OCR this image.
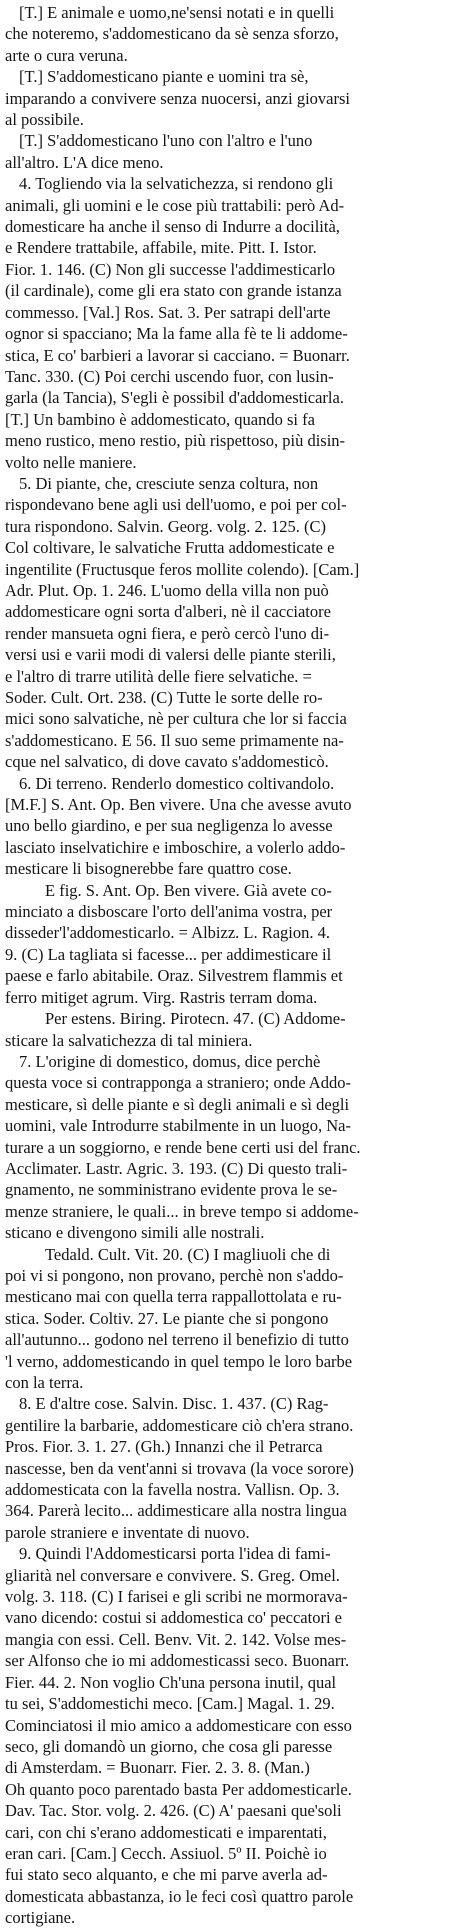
[T.] E animale e uomo,ne'sensi notati e in quelli
che noteremo, s'addomesticano da sè senza sforzo,
arte o cura veruna.
[T.] S'addomesticano piante e uomini tra sè,
imparando a convivere senza nuocersi, anzi giovarsi
al possibile.
[T.] S'addomesticano l'uno con l'altro e l'uno
all'altro. L'A dice meno.
4. Togliendo via la selvatichezza, si rendono gli
animali, gli uomini e le cose più trattabili: però Ad-
domesticare ha anche il senso di Indurre a docilità,
e Rendere trattabile, affabile, mite. Pitt. I. Istor.
Fior. 1. 146. (C) Non gli successe l'addimesticarlo
(il cardinale), come gli era stato con grande istanza
commesso. [Val.] Ros. Sat. 3. Per satrapi dell'arte
ognor si spacciano; Ma la fame alla fè te li addome-
stica, E co' barbieri a lavorar si cacciano. = Buonarr.
Tanc. 330. (C) Poi cerchi uscendo fuor, con lusin-
garla (la Tancia), S'egli è possibil d'addomesticarla.
[T.] Un bambino è addomesticato, quando si fa
meno rustico, meno restio, più rispettoso, più disin-
volto nelle maniere.
5. Di piante, che, cresciute senza coltura, non
rispondevano bene agli usi dell'uomo, e poi per col-
tura rispondono. Salvin. Georg. volg. 2. 125. (C)
Col coltivare, le salvatiche Frutta addomesticate e
ingentilite (Fructusque feros mollite colendo). [Cam.]
Adr. Plut. Op. 1. 246. L'uomo della villa non può
addomesticare ogni sorta d'alberi, nè il cacciatore
render mansueta ogni fiera, e però cercò l'uno di-
versi usi e varii modi di valersi delle piante sterili,
e l'altro di trarre utilità delle fiere selvatiche. =
Soder. Cult. Ort. 238. (C) Tutte le sorte delle ro-
mici sono salvatiche, nè per cultura che lor si faccia
s'addomesticano. E 56. Il suo seme primamente na-
cque nel salvatico, di dove cavato s'addomesticò.
6. Di terreno. Renderlo domestico coltivandolo.
[M.F.] S. Ant. Op. Ben vivere. Una che avesse avuto
uno bello giardino, e per sua negligenza lo avesse
lasciato inselvatichire e imboschire, a volerlo addo-
mesticare li bisognerebbe fare quattro cose.
E fig. S. Ant. Op. Ben vivere. Già avete co-
minciato a disboscare l'orto dell'anima vostra, per
disseder'l'addomesticarlo. = Albizz. L. Ragion. 4.
9. (C) La tagliata si facesse... per addimesticare il
paese e farlo abitabile. Oraz. Silvestrem flammis et
ferro mitiget agrum. Virg. Rastris terram doma.
Per estens. Biring. Pirotecn. 47. (C) Addome-
sticare la salvatichezza di tal miniera.
7. L'origine di domestico, domus, dice perchè
questa voce si contrapponga a straniero; onde Addo-
mesticare, sì delle piante e sì degli animali e sì degli
uomini, vale Introdurre stabilmente in un luogo, Na-
turare a un soggiorno, e rende bene certi usi del franc.
Acclimater. Lastr. Agric. 3. 193. (C) Di questo trali-
gnamento, ne somministrano evidente prova le se-
menze straniere, le quali... in breve tempo si addome-
sticano e divengono simili alle nostrali.
Tedald. Cult. Vit. 20. (C) I magliuoli che di
poi vi si pongono, non provano, perchè non s'addo-
mesticano mai con quella terra rappallottolata e ru-
stica. Soder. Coltiv. 27. Le piante che si pongono
all'autunno... godono nel terreno il benefizio di tutto
'l verno, addomesticando in quel tempo le loro barbe
con la terra.
8. E d'altre cose. Salvin. Disc. 1. 437. (C) Rag-
gentilire la barbarie, addomesticare ciò ch'era strano.
Pros. Fior. 3. 1. 27. (Gh.) Innanzi che il Petrarca
nascesse, ben da vent'anni si trovava (la voce sorore)
addomesticata con la favella nostra. Vallisn. Op. 3.
364. Parerà lecito... addimesticare alla nostra lingua
parole straniere e inventate di nuovo.
9. Quindi l'Addomesticarsi porta l'idea di fami-
gliarità nel conversare e convivere. S. Greg. Omel.
volg. 3. 118. (C) I farisei e gli scribi ne mormorava-
vano dicendo: costui si addomestica co' peccatori e
mangia con essi. Cell. Benv. Vit. 2. 142. Volse mes-
ser Alfonso che io mi addomesticassi seco. Buonarr.
Fier. 44. 2. Non voglio Ch'una persona inutil, qual
tu sei, S'addomestichi meco. [Cam.] Magal. 1. 29.
Cominciatosi il mio amico a addomesticare con esso
seco, gli domandò un giorno, che cosa gli paresse
di Amsterdam. = Buonarr. Fier. 2. 3. 8. (Man.)
Oh quanto poco parentado basta Per addomesticarle.
Dav. Tac. Stor. volg. 2. 426. (C) A' paesani que'soli
cari, con chi s'erano addomesticati e imparentati,
eran cari. [Cam.] Cecch. Assiuol. 5º II. Poichè io
fui stato seco alquanto, e che mi parve averla ad-
domesticata abbastanza, io le feci così quattro parole
cortigiane.
